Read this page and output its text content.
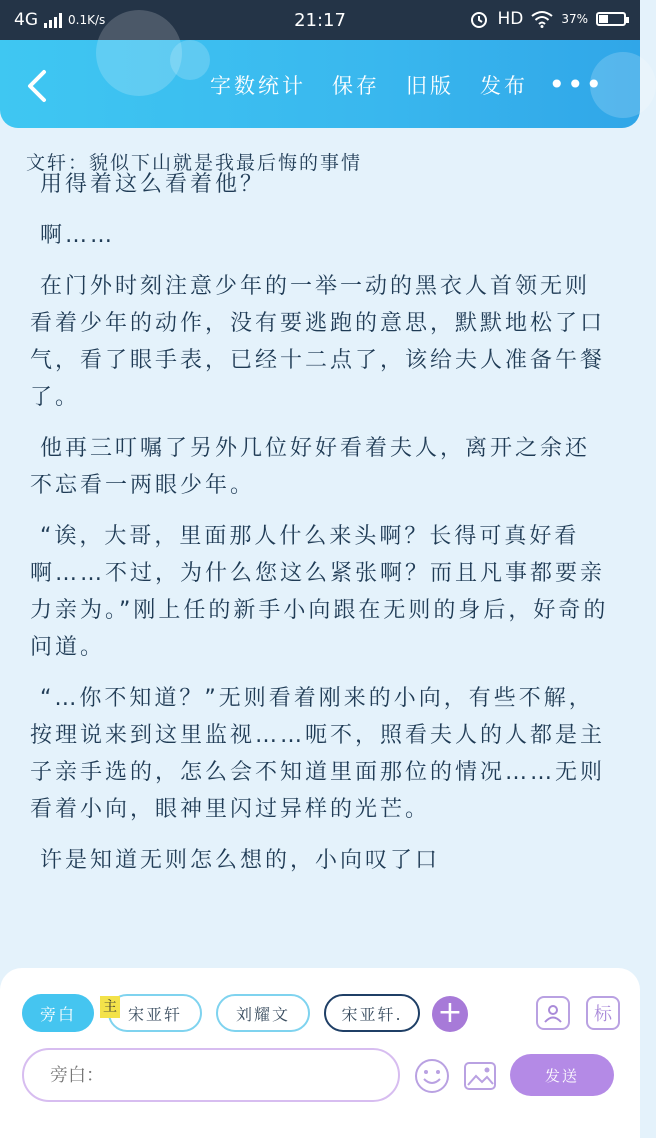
4G	0.1K/s	21:17	HD	37%
字数统计 保存 旧版 发布 •••
文轩：貌似下山就是我最后悔的事情

用得着这么看着他？

啊……

在门外时刻注意少年的一举一动的黑衣人首领无则看着少年的动作，没有要逃跑的意思，默默地松了口气，看了眼手表，已经十二点了，该给夫人准备午餐了。

他再三叮嘱了另外几位好好看着夫人，离开之余还不忘看一两眼少年。

“诶，大哥，里面那人什么来头啊？长得可真好看啊……不过，为什么您这么紧张啊？而且凡事都要亲力亲为。”刚上任的新手小向跟在无则的身后，好奇的问道。

“…你不知道？”无则看着刚来的小向，有些不解，按理说来到这里监视……呃不，照看夫人的人都是主子亲手选的，怎么会不知道里面那位的情况……无则看着小向，眼神里闪过异样的光芒。

许是知道无则怎么想的，小向叹了口

旁白	宋亚轩
主	刘耀文	宋亚轩.	+	标
旁白：
发送
